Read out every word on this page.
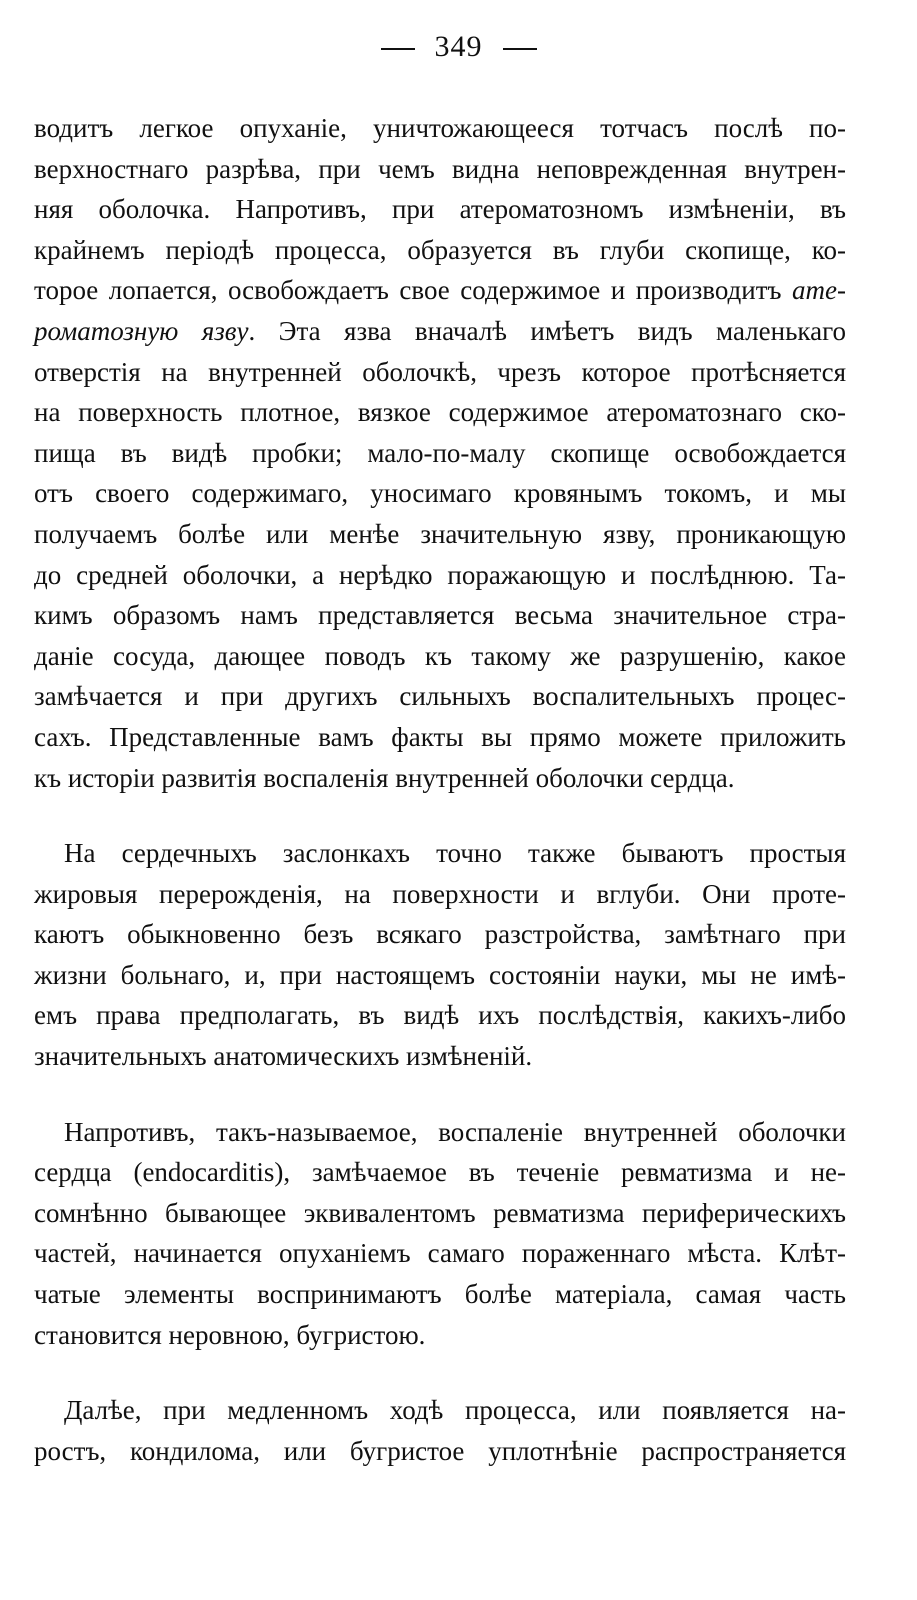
349

водитъ легкое опуханіе, уничтожающееся тотчасъ послѣ по-
верхностнаго разрѣва, при чемъ видна неповрежденная внутрен-
няя оболочка. Напротивъ, при атероматозномъ измѣненіи, въ
крайнемъ періодѣ процесса, образуется въ глуби скопище, ко-
торое лопается, освобождаетъ свое содержимое и производитъ ате-
роматозную язву. Эта язва вначалѣ имѣетъ видъ маленькаго
отверстія на внутренней оболочкѣ, чрезъ которое протѣсняется
на поверхность плотное, вязкое содержимое атероматознаго ско-
пища въ видѣ пробки; мало-по-малу скопище освобождается
отъ своего содержимаго, уносимаго кровянымъ токомъ, и мы
получаемъ болѣе или менѣе значительную язву, проникающую
до средней оболочки, а нерѣдко поражающую и послѣднюю. Та-
кимъ образомъ намъ представляется весьма значительное стра-
даніе сосуда, дающее поводъ къ такому же разрушенію, какое
замѣчается и при другихъ сильныхъ воспалительныхъ процес-
сахъ. Представленные вамъ факты вы прямо можете приложить
къ исторіи развитія воспаленія внутренней оболочки сердца.

На сердечныхъ заслонкахъ точно также бываютъ простыя
жировыя перерожденія, на поверхности и вглуби. Они проте-
каютъ обыкновенно безъ всякаго разстройства, замѣтнаго при
жизни больнаго, и, при настоящемъ состояніи науки, мы не имѣ-
емъ права предполагать, въ видѣ ихъ послѣдствія, какихъ-либо
значительныхъ анатомическихъ измѣненій.

Напротивъ, такъ-называемое, воспаленіе внутренней оболочки
сердца (endocarditis), замѣчаемое въ теченіе ревматизма и не-
сомнѣнно бывающее эквивалентомъ ревматизма периферическихъ
частей, начинается опуханіемъ самаго пораженнаго мѣста. Клѣт-
чатые элементы воспринимаютъ болѣе матеріала, самая часть
становится неровною, бугристою.

Далѣе, при медленномъ ходѣ процесса, или появляется на-
ростъ, кондилома, или бугристое уплотнѣніе распространяется
